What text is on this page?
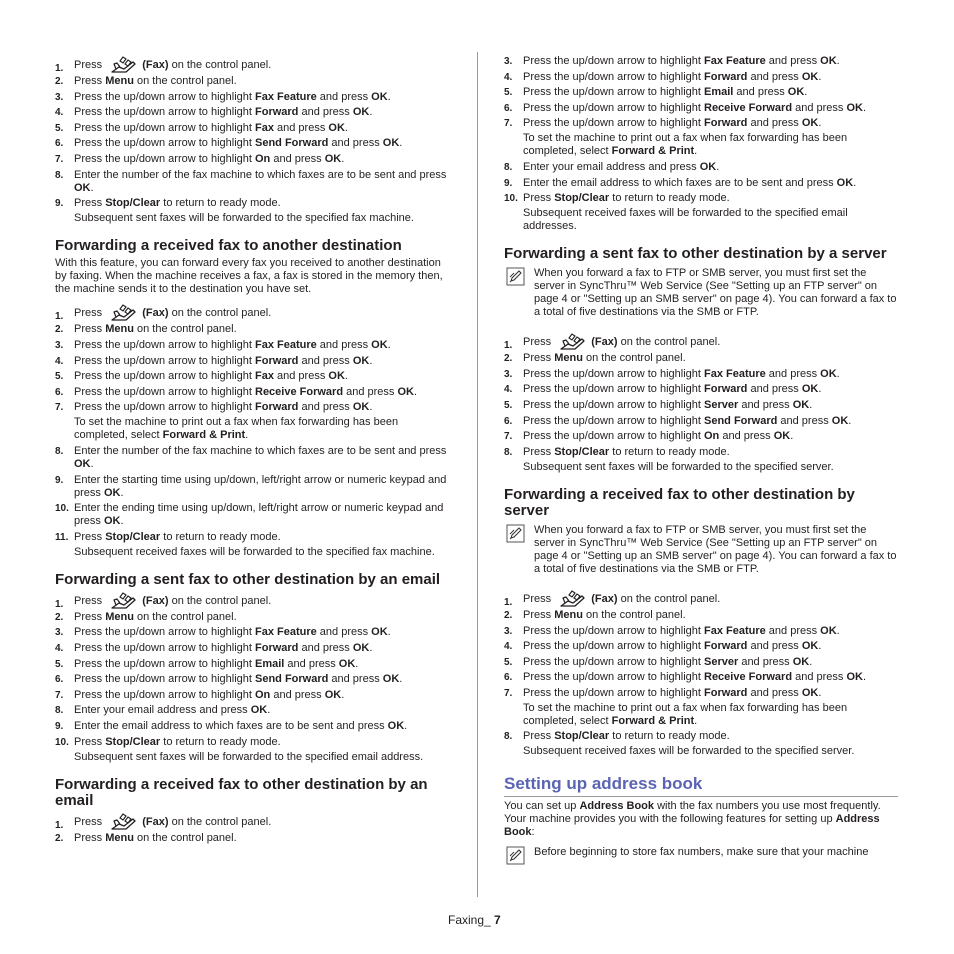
1. Press	(Fax) on the control panel.
2. Press Menu on the control panel.
3. Press the up/down arrow to highlight Fax Feature and press OK.
4. Press the up/down arrow to highlight Forward and press OK.
5. Press the up/down arrow to highlight Fax and press OK.
6. Press the up/down arrow to highlight Send Forward and press OK.
7. Press the up/down arrow to highlight On and press OK.
8. Enter the number of the fax machine to which faxes are to be sent and press OK.
9. Press Stop/Clear to return to ready mode.
Subsequent sent faxes will be forwarded to the specified fax machine.
Forwarding a received fax to another destination

With this feature, you can forward every fax you received to another destination by faxing. When the machine receives a fax, a fax is stored in the memory then, the machine sends it to the destination you have set.

1. Press	(Fax) on the control panel.
2. Press Menu on the control panel.
3. Press the up/down arrow to highlight Fax Feature and press OK.
4. Press the up/down arrow to highlight Forward and press OK.
5. Press the up/down arrow to highlight Fax and press OK.
6. Press the up/down arrow to highlight Receive Forward and press OK.
7. Press the up/down arrow to highlight Forward and press OK.
To set the machine to print out a fax when fax forwarding has been completed, select Forward & Print.
8. Enter the number of the fax machine to which faxes are to be sent and press OK.
9. Enter the starting time using up/down, left/right arrow or numeric keypad and press OK.
10. Enter the ending time using up/down, left/right arrow or numeric keypad and press OK.
11. Press Stop/Clear to return to ready mode.
Subsequent received faxes will be forwarded to the specified fax machine.
Forwarding a sent fax to other destination by an email
1. Press	(Fax) on the control panel.
2. Press Menu on the control panel.
3. Press the up/down arrow to highlight Fax Feature and press OK.
4. Press the up/down arrow to highlight Forward and press OK.
5. Press the up/down arrow to highlight Email and press OK.
6. Press the up/down arrow to highlight Send Forward and press OK.
7. Press the up/down arrow to highlight On and press OK.
8. Enter your email address and press OK.
9. Enter the email address to which faxes are to be sent and press OK.
10. Press Stop/Clear to return to ready mode.
Subsequent sent faxes will be forwarded to the specified email address.
Forwarding a received fax to other destination by an email
1. Press	(Fax) on the control panel.
2. Press Menu on the control panel.
3. Press the up/down arrow to highlight Fax Feature and press OK.
4. Press the up/down arrow to highlight Forward and press OK.
5. Press the up/down arrow to highlight Email and press OK.
6. Press the up/down arrow to highlight Receive Forward and press OK.
7. Press the up/down arrow to highlight Forward and press OK.
To set the machine to print out a fax when fax forwarding has been completed, select Forward & Print.
8. Enter your email address and press OK.
9. Enter the email address to which faxes are to be sent and press OK.
10. Press Stop/Clear to return to ready mode.
Subsequent received faxes will be forwarded to the specified email addresses.
Forwarding a sent fax to other destination by a server
When you forward a fax to FTP or SMB server, you must first set the server in SyncThru™ Web Service (See "Setting up an FTP server" on page 4 or "Setting up an SMB server" on page 4). You can forward a fax to a total of five destinations via the SMB or FTP.
1. Press	(Fax) on the control panel.
2. Press Menu on the control panel.
3. Press the up/down arrow to highlight Fax Feature and press OK.
4. Press the up/down arrow to highlight Forward and press OK.
5. Press the up/down arrow to highlight Server and press OK.
6. Press the up/down arrow to highlight Send Forward and press OK.
7. Press the up/down arrow to highlight On and press OK.
8. Press Stop/Clear to return to ready mode.
Subsequent sent faxes will be forwarded to the specified server.
Forwarding a received fax to other destination by server
When you forward a fax to FTP or SMB server, you must first set the server in SyncThru™ Web Service (See "Setting up an FTP server" on page 4 or "Setting up an SMB server" on page 4). You can forward a fax to a total of five destinations via the SMB or FTP.
1. Press	(Fax) on the control panel.
2. Press Menu on the control panel.
3. Press the up/down arrow to highlight Fax Feature and press OK.
4. Press the up/down arrow to highlight Forward and press OK.
5. Press the up/down arrow to highlight Server and press OK.
6. Press the up/down arrow to highlight Receive Forward and press OK.
7. Press the up/down arrow to highlight Forward and press OK.
To set the machine to print out a fax when fax forwarding has been completed, select Forward & Print.
8. Press Stop/Clear to return to ready mode.
Subsequent received faxes will be forwarded to the specified server.
Setting up address book

You can set up Address Book with the fax numbers you use most frequently. Your machine provides you with the following features for setting up Address Book:

Before beginning to store fax numbers, make sure that your machine
Faxing_ 7
